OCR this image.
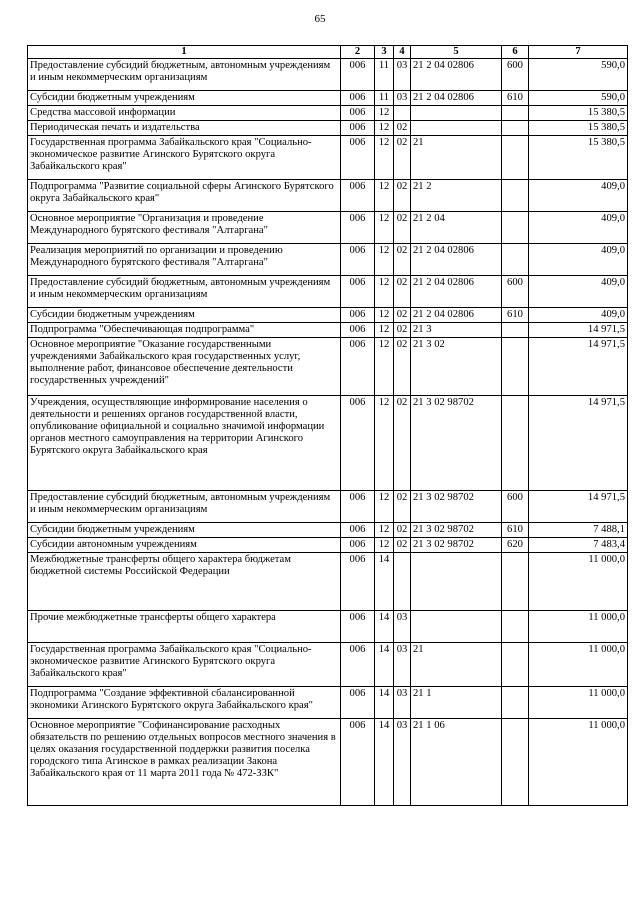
65
1	2	3	4	5	6	7
Предоставление субсидий бюджетным, автономным учреждениям и иным некоммерческим организациям	006	11	03	21 2 04 02806	600	590,0
Субсидии бюджетным учреждениям	006	11	03	21 2 04 02806	610	590,0
Средства массовой информации	006	12				15 380,5
Периодическая печать и издательства	006	12	02			15 380,5
Государственная программа Забайкальского края "Социально-экономическое развитие Агинского Бурятского округа Забайкальского края"	006	12	02	21		15 380,5
Подпрограмма "Развитие социальной сферы Агинского Бурятского округа Забайкальского края"	006	12	02	21 2		409,0
Основное мероприятие "Организация и проведение Международного бурятского фестиваля "Алтаргана"	006	12	02	21 2 04		409,0
Реализация мероприятий по организации и проведению Международного бурятского фестиваля "Алтаргана"	006	12	02	21 2 04 02806		409,0
Предоставление субсидий бюджетным, автономным учреждениям и иным некоммерческим организациям	006	12	02	21 2 04 02806	600	409,0
Субсидии бюджетным учреждениям	006	12	02	21 2 04 02806	610	409,0
Подпрограмма "Обеспечивающая подпрограмма"	006	12	02	21 3		14 971,5
Основное мероприятие "Оказание государственными учреждениями Забайкальского края государственных услуг, выполнение работ, финансовое обеспечение деятельности государственных учреждений"	006	12	02	21 3 02		14 971,5
Учреждения, осуществляющие информирование населения о деятельности и решениях органов государственной власти, опубликование официальной и социально значимой информации органов местного самоуправления на территории Агинского Бурятского округа Забайкальского края	006	12	02	21 3 02 98702		14 971,5
Предоставление субсидий бюджетным, автономным учреждениям и иным некоммерческим организациям	006	12	02	21 3 02 98702	600	14 971,5
Субсидии бюджетным учреждениям	006	12	02	21 3 02 98702	610	7 488,1
Субсидии автономным учреждениям	006	12	02	21 3 02 98702	620	7 483,4
Межбюджетные трансферты общего характера бюджетам бюджетной системы Российской Федерации	006	14				11 000,0
Прочие межбюджетные трансферты общего характера	006	14	03			11 000,0
Государственная программа Забайкальского края "Социально-экономическое развитие Агинского Бурятского округа Забайкальского края"	006	14	03	21		11 000,0
Подпрограмма "Создание эффективной сбалансированной экономики Агинского Бурятского округа Забайкальского края"	006	14	03	21 1		11 000,0
Основное мероприятие "Софинансирование расходных обязательств по решению отдельных вопросов местного значения в целях оказания государственной поддержки развития поселка городского типа Агинское в рамках реализации Закона Забайкальского края от 11 марта 2011 года № 472-ЗЗК"	006	14	03	21 1 06		11 000,0
